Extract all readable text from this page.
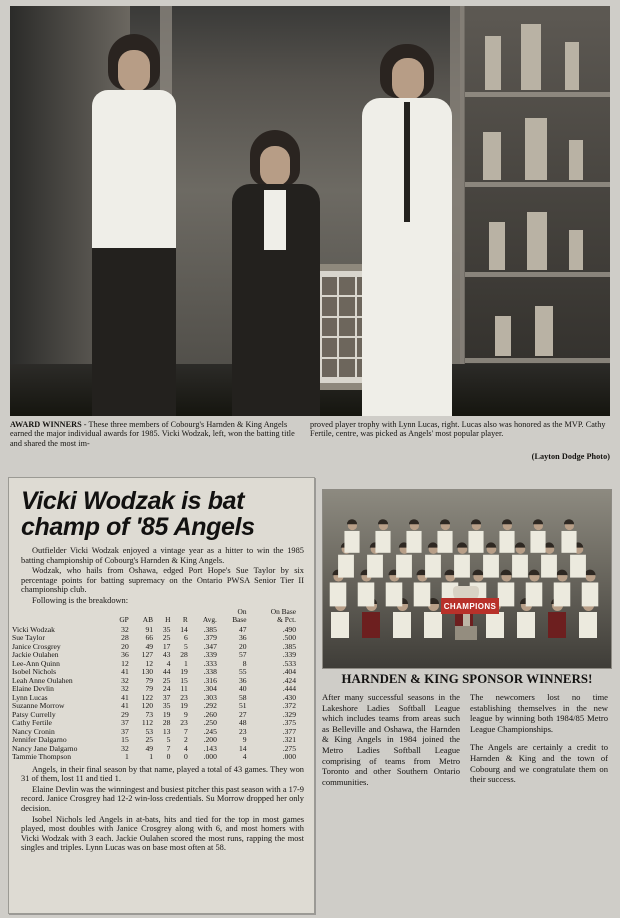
AWARD WINNERS - These three members of Cobourg's Harnden & King Angels earned the major individual awards for 1985. Vicki Wodzak, left, won the batting title and shared the most im-
proved player trophy with Lynn Lucas, right. Lucas also was honored as the MVP. Cathy Fertile, centre, was picked as Angels' most popular player.
(Layton Dodge Photo)
Vicki Wodzak is bat champ of '85 Angels

Outfielder Vicki Wodzak enjoyed a vintage year as a hitter to win the 1985 batting championship of Cobourg's Harnden & King Angels.

Wodzak, who hails from Oshawa, edged Port Hope's Sue Taylor by six percentage points for batting supremacy on the Ontario PWSA Senior Tier II championship club.

Following is the breakdown:

						On	On Base
	GP	AB	H	R	Avg.	Base	& Pct.
Vicki Wodzak	32	91	35	14	.385	47	.490
Sue Taylor	28	66	25	6	.379	36	.500
Janice Crosgrey	20	49	17	5	.347	20	.385
Jackie Oulahen	36	127	43	28	.339	57	.339
Lee-Ann Quinn	12	12	4	1	.333	8	.533
Isobel Nichols	41	130	44	19	.338	55	.404
Leah Anne Oulahen	32	79	25	15	.316	36	.424
Elaine Devlin	32	79	24	11	.304	40	.444
Lynn Lucas	41	122	37	23	.303	58	.430
Suzanne Morrow	41	120	35	19	.292	51	.372
Patsy Currelly	29	73	19	9	.260	27	.329
Cathy Fertile	37	112	28	23	.250	48	.375
Nancy Cronin	37	53	13	7	.245	23	.377
Jennifer Dalgarno	15	25	5	2	.200	9	.321
Nancy Jane Dalgarno	32	49	7	4	.143	14	.275
Tammie Thompson	1	1	0	0	.000	4	.000

Angels, in their final season by that name, played a total of 43 games. They won 31 of them, lost 11 and tied 1.

Elaine Devlin was the winningest and busiest pitcher this past season with a 17-9 record. Janice Crosgrey had 12-2 win-loss credentials. Su Morrow dropped her only decision.

Isobel Nichols led Angels in at-bats, hits and tied for the top in most games played, most doubles with Janice Crosgrey along with 6, and most homers with Vicki Wodzak with 3 each. Jackie Oulahen scored the most runs, rapping the most singles and triples. Lynn Lucas was on base most often at 58.

CHAMPIONS
HARNDEN & KING SPONSOR WINNERS!

After many successful seasons in the Lakeshore Ladies Softball League which includes teams from areas such as Belleville and Oshawa, the Harnden & King Angels in 1984 joined the Metro Ladies Softball League comprising of teams from Metro Toronto and other Southern Ontario communities.

The newcomers lost no time establishing themselves in the new league by winning both 1984/85 Metro League Championships.

The Angels are certainly a credit to Harnden & King and the town of Cobourg and we congratulate them on their success.
